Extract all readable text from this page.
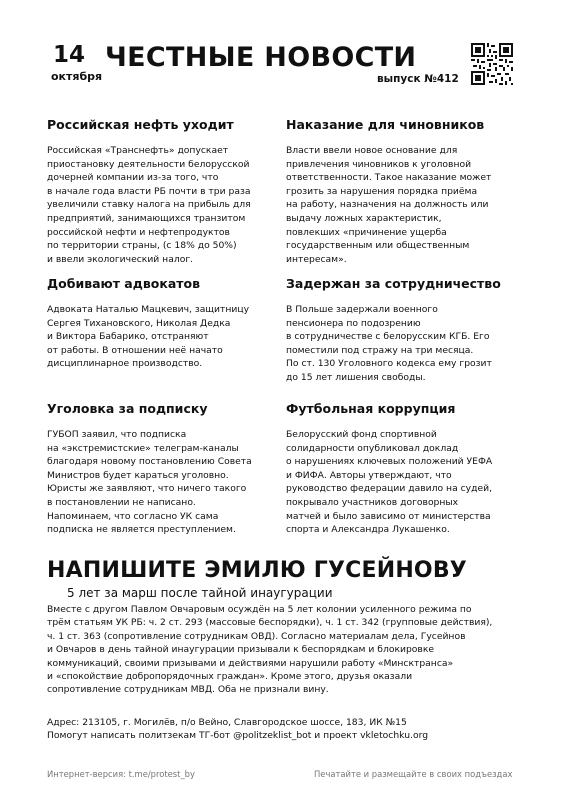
14
октября
ЧЕСТНЫЕ НОВОСТИ
выпуск №412
Российская нефть уходит
Российская «Транснефть» допускает
приостановку деятельности белорусской
дочерней компании из-за того, что
в начале года власти РБ почти в три раза
увеличили ставку налога на прибыль для
предприятий, занимающихся транзитом
российской нефти и нефтепродуктов
по территории страны, (с 18% до 50%)
и ввели экологический налог.
Наказание для чиновников
Власти ввели новое основание для
привлечения чиновников к уголовной
ответственности. Такое наказание может
грозить за нарушения порядка приёма
на работу, назначения на должность или
выдачу ложных характеристик,
повлекших «причинение ущерба
государственным или общественным
интересам».
Добивают адвокатов
Адвоката Наталью Мацкевич, защитницу
Сергея Тихановского, Николая Дедка
и Виктора Бабарико, отстраняют
от работы. В отношении неё начато
дисциплинарное производство.
Задержан за сотрудничество
В Польше задержали военного
пенсионера по подозрению
в сотрудничестве с белорусским КГБ. Его
поместили под стражу на три месяца.
По ст. 130 Уголовного кодекса ему грозит
до 15 лет лишения свободы.
Уголовка за подписку
ГУБОП заявил, что подписка
на «экстремистские» телеграм-каналы
благодаря новому постановлению Совета
Министров будет караться уголовно.
Юристы же заявляют, что ничего такого
в постановлении не написано.
Напоминаем, что согласно УК сама
подписка не является преступлением.
Футбольная коррупция
Белорусский фонд спортивной
солидарности опубликовал доклад
о нарушениях ключевых положений УЕФА
и ФИФА. Авторы утверждают, что
руководство федерации давило на судей,
покрывало участников договорных
матчей и было зависимо от министерства
спорта и Александра Лукашенко.
НАПИШИТЕ ЭМИЛЮ ГУСЕЙНОВУ
5 лет за марш после тайной инаугурации
Вместе с другом Павлом Овчаровым осуждён на 5 лет колонии усиленного режима по
трём статьям УК РБ: ч. 2 ст. 293 (массовые беспорядки), ч. 1 ст. 342 (групповые действия),
ч. 1 ст. 363 (сопротивление сотрудникам ОВД). Согласно материалам дела, Гусейнов
и Овчаров в день тайной инаугурации призывали к беспорядкам и блокировке
коммуникаций, своими призывами и действиями нарушили работу «Минсктранса»
и «спокойствие добропорядочных граждан». Кроме этого, друзья оказали
сопротивление сотрудникам МВД. Оба не признали вину.
Адрес: 213105, г. Могилёв, п/о Вейно, Славгородское шоссе, 183, ИК №15
Помогут написать политзекам ТГ-бот @politzeklist_bot и проект vkletochku.org
Интернет-версия: t.me/protest_by	Печатайте и размещайте в своих подъездах
